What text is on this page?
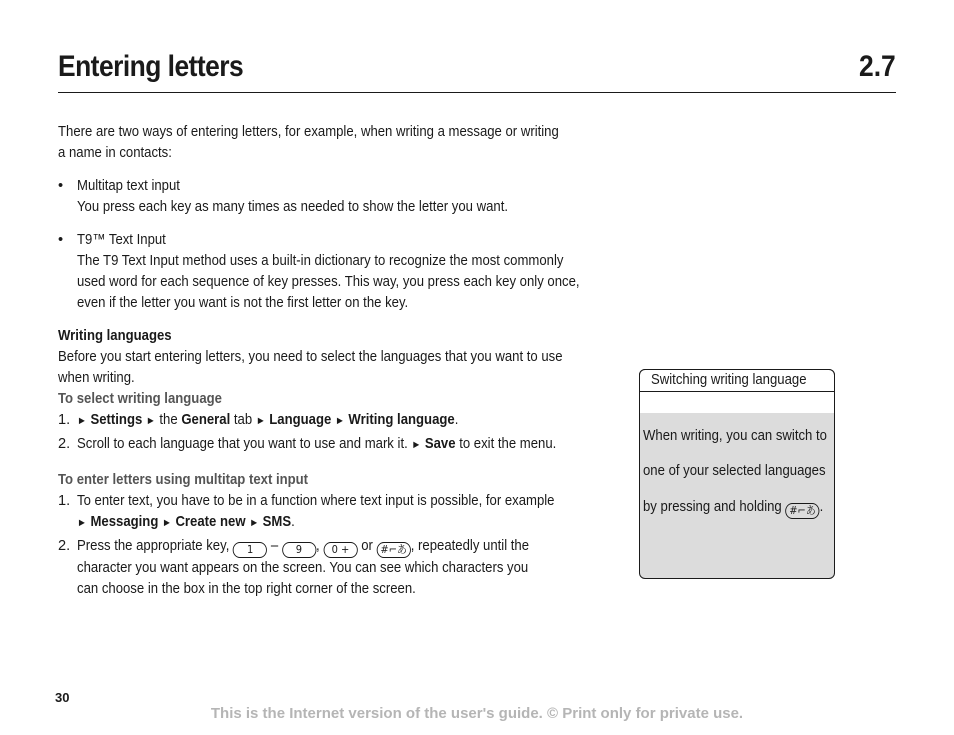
Entering letters	2.7

There are two ways of entering letters, for example, when writing a message or writing

a name in contacts:

• Multitap text input

You press each key as many times as needed to show the letter you want.

• T9™ Text Input

The T9 Text Input method uses a built-in dictionary to recognize the most commonly

used word for each sequence of key presses. This way, you press each key only once,

even if the letter you want is not the first letter on the key.

Writing languages

Before you start entering letters, you need to select the languages that you want to use

when writing.

To select writing language

1. ► Settings ► the General tab ► Language ► Writing language.
2. Scroll to each language that you want to use and mark it. ► Save to exit the menu.

To enter letters using multitap text input

1. To enter text, you have to be in a function where text input is possible, for example

► Messaging ► Create new ► SMS.

2. Press the appropriate key, 1 – 9 , 0 + or #⌐あ , repeatedly until the

character you want appears on the screen. You can see which characters you

can choose in the box in the top right corner of the screen.

Switching writing language

When writing, you can switch to

one of your selected languages

by pressing and holding #⌐あ .

30
This is the Internet version of the user's guide. © Print only for private use.
